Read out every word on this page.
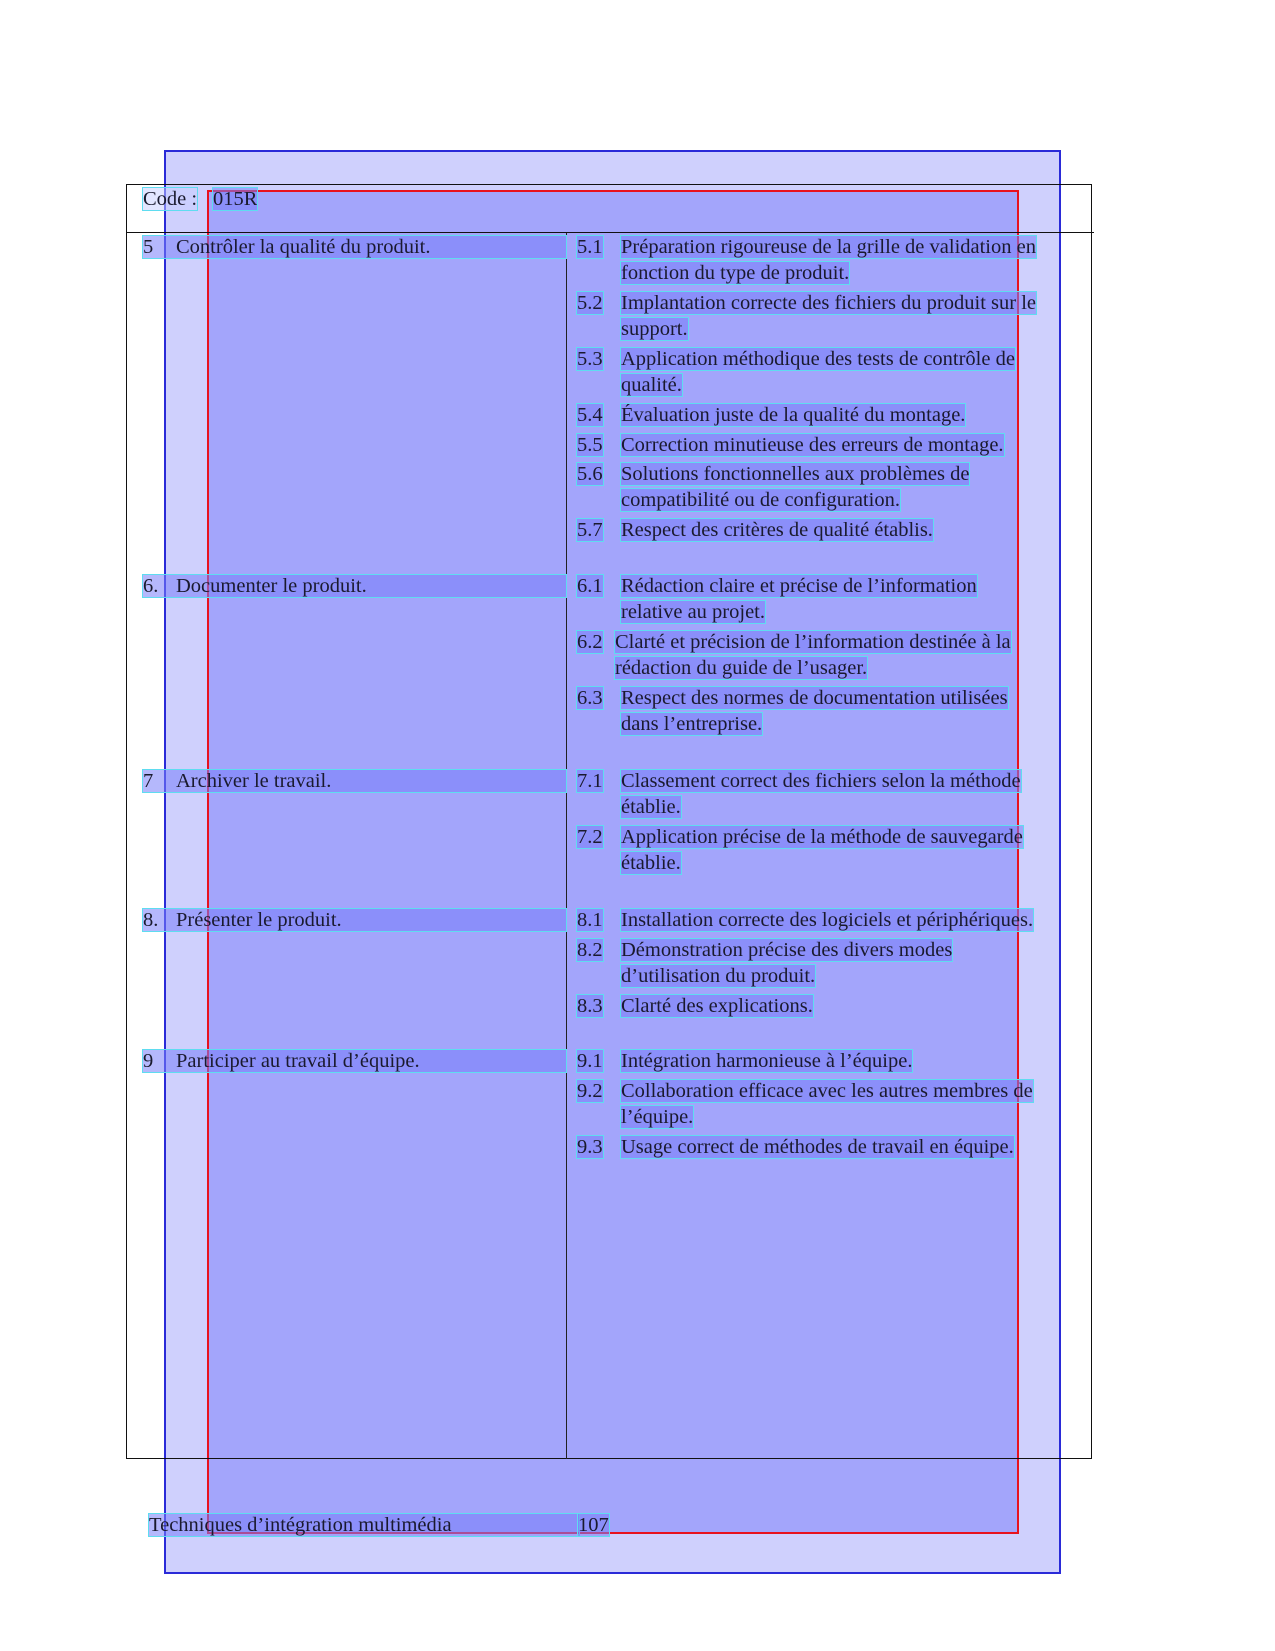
Code : 015R
5 Contrôler la qualité du produit.	5.1 Préparation rigoureuse de la grille de validation en
fonction du type de produit.
5.2 Implantation correcte des fichiers du produit sur le
support.
5.3 Application méthodique des tests de contrôle de
qualité.
5.4 Évaluation juste de la qualité du montage.
5.5 Correction minutieuse des erreurs de montage.
5.6 Solutions fonctionnelles aux problèmes de
compatibilité ou de configuration.
5.7 Respect des critères de qualité établis.
6. Documenter le produit.	6.1 Rédaction claire et précise de l’information
relative au projet.
6.2 Clarté et précision de l’information destinée à la
rédaction du guide de l’usager.
6.3 Respect des normes de documentation utilisées
dans l’entreprise.
7 Archiver le travail.	7.1 Classement correct des fichiers selon la méthode
établie.
7.2 Application précise de la méthode de sauvegarde
établie.
8. Présenter le produit.	8.1 Installation correcte des logiciels et périphériques.
8.2 Démonstration précise des divers modes
d’utilisation du produit.
8.3 Clarté des explications.
9 Participer au travail d’équipe.	9.1 Intégration harmonieuse à l’équipe.
9.2 Collaboration efficace avec les autres membres de
l’équipe.
9.3 Usage correct de méthodes de travail en équipe.
Techniques d’intégration multimédia	107
